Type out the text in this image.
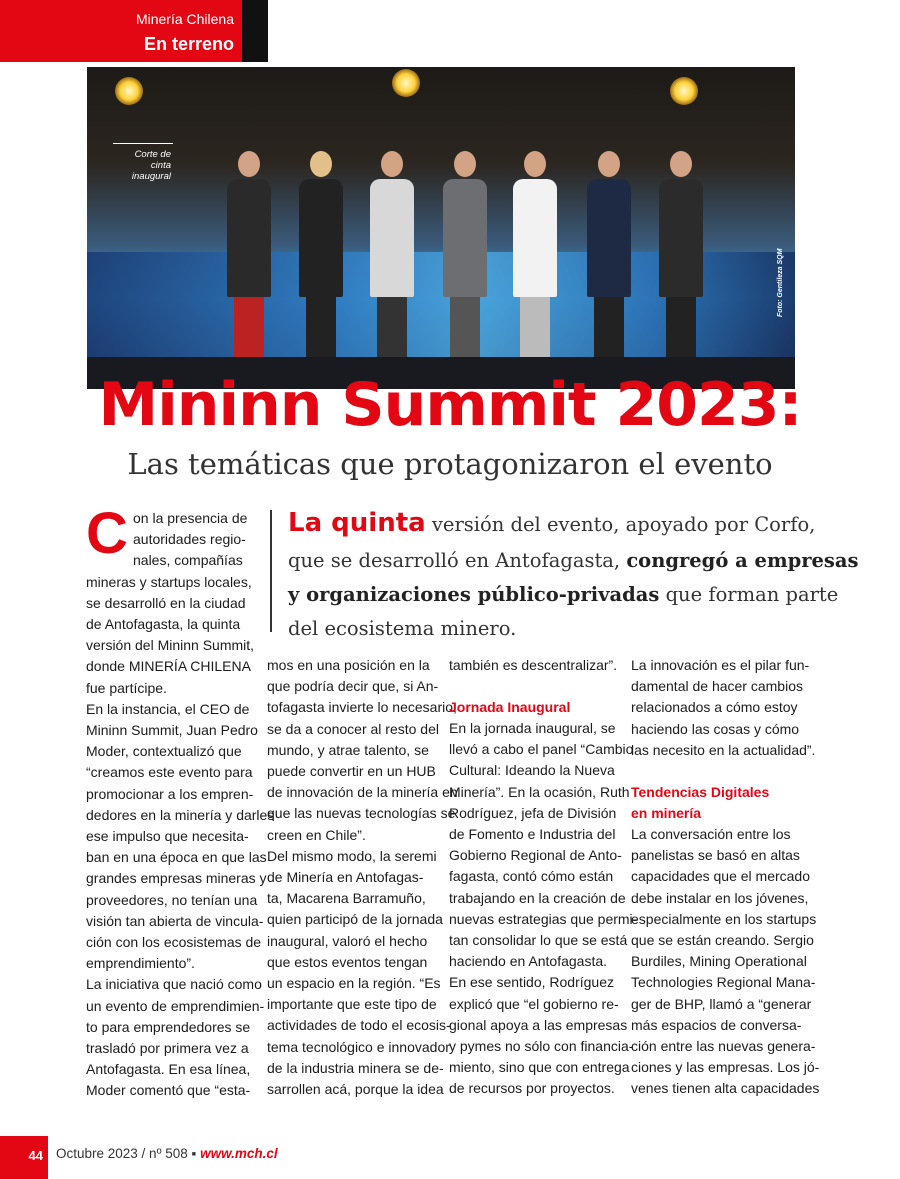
Minería Chilena
En terreno
Corte de cinta
inaugural
Foto: Gentileza SQM
Mininn Summit 2023:
Las temáticas que protagonizaron el evento
La quinta versión del evento, apoyado por Corfo,
que se desarrolló en Antofagasta, congregó a empresas
y organizaciones público-privadas que forman parte
del ecosistema minero.
C on la presencia de
autoridades regio-
nales, compañías
mineras y startups locales,
se desarrolló en la ciudad
de Antofagasta, la quinta
versión del Mininn Summit,
donde MINERÍA CHILENA
fue partícipe.
En la instancia, el CEO de
Mininn Summit, Juan Pedro
Moder, contextualizó que
“creamos este evento para
promocionar a los empren-
dedores en la minería y darles
ese impulso que necesita-
ban en una época en que las
grandes empresas mineras y
proveedores, no tenían una
visión tan abierta de vincula-
ción con los ecosistemas de
emprendimiento”.
La iniciativa que nació como
un evento de emprendimien-
to para emprendedores se
trasladó por primera vez a
Antofagasta. En esa línea,
Moder comentó que “esta-
mos en una posición en la
que podría decir que, si An-
tofagasta invierte lo necesario,
se da a conocer al resto del
mundo, y atrae talento, se
puede convertir en un HUB
de innovación de la minería en
que las nuevas tecnologías se
creen en Chile”.
Del mismo modo, la seremi
de Minería en Antofagas-
ta, Macarena Barramuño,
quien participó de la jornada
inaugural, valoró el hecho
que estos eventos tengan
un espacio en la región. “Es
importante que este tipo de
actividades de todo el ecosis-
tema tecnológico e innovador
de la industria minera se de-
sarrollen acá, porque la idea
también es descentralizar”.
Jornada Inaugural
En la jornada inaugural, se
llevó a cabo el panel “Cambio
Cultural: Ideando la Nueva
Minería”. En la ocasión, Ruth
Rodríguez, jefa de División
de Fomento e Industria del
Gobierno Regional de Anto-
fagasta, contó cómo están
trabajando en la creación de
nuevas estrategias que permi-
tan consolidar lo que se está
haciendo en Antofagasta.
En ese sentido, Rodríguez
explicó que “el gobierno re-
gional apoya a las empresas
y pymes no sólo con financia-
miento, sino que con entrega
de recursos por proyectos.
La innovación es el pilar fun-
damental de hacer cambios
relacionados a cómo estoy
haciendo las cosas y cómo
las necesito en la actualidad”.
Tendencias Digitales
en minería
La conversación entre los
panelistas se basó en altas
capacidades que el mercado
debe instalar en los jóvenes,
especialmente en los startups
que se están creando. Sergio
Burdiles, Mining Operational
Technologies Regional Mana-
ger de BHP, llamó a “generar
más espacios de conversa-
ción entre las nuevas genera-
ciones y las empresas. Los jó-
venes tienen alta capacidades
44 Octubre 2023 / nº 508 ▪ www.mch.cl
